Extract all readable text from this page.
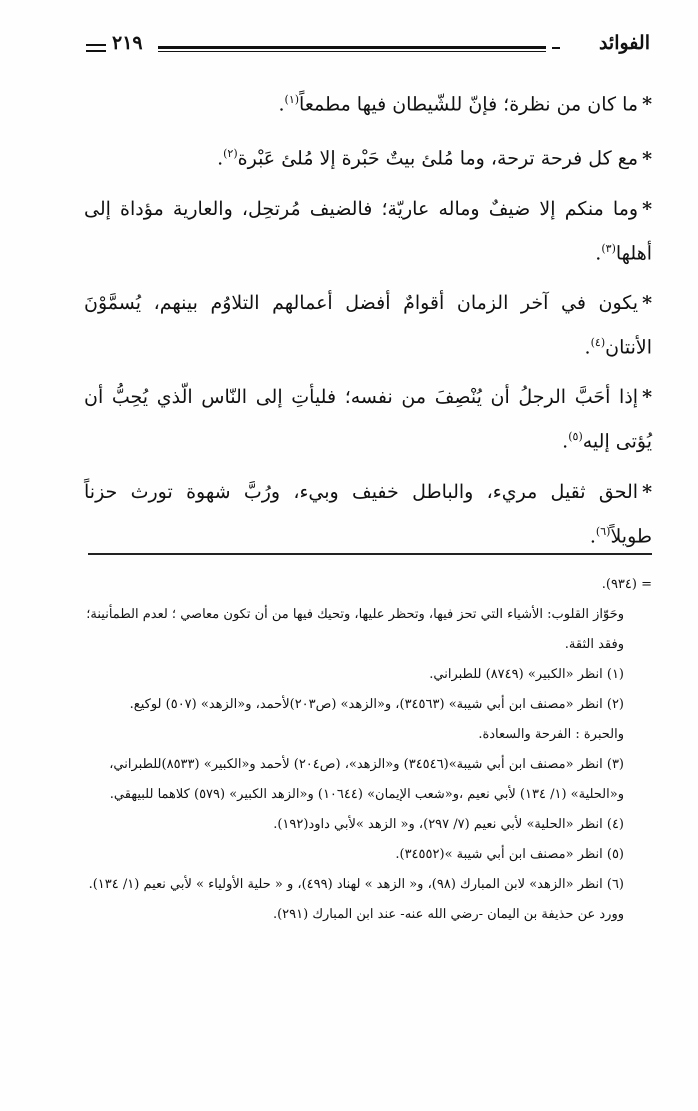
الفوائد
٢١٩

*ما كان من نظرة؛ فإنّ للشّيطان فيها مطمعاً$^{(١)}$.

*مع كل فرحة ترحة، وما مُلئ بيتٌ حَبْرة إلا مُلئ عَبْرة$^{(٢)}$.

*وما منكم إلا ضيفٌ وماله عاريّة؛ فالضيف مُرتحِل، والعارية مؤداة إلى أهلها$^{(٣)}$.

*يكون في آخر الزمان أقوامٌ أفضل أعمالهم التلاوُم بينهم، يُسمَّوْنَ الأنتان$^{(٤)}$.

*إذا أحَبَّ الرجلُ أن يُنْصِفَ من نفسه؛ فليأتِ إلى النّاس الّذي يُحِبُّ أن يُؤتى إليه$^{(٥)}$.

*الحق ثقيل مريء، والباطل خفيف وبيء، ورُبَّ شهوة تورث حزناً طويلاً$^{(٦)}$.

= (٩٣٤).

وحَوّاز القلوب: الأشياء التي تحز فيها، وتحظر عليها، وتحيك فيها من أن تكون معاصي ؛ لعدم الطمأنينة؛ وفقد الثقة.

(١) انظر «الكبير» (٨٧٤٩) للطبراني.

(٢) انظر «مصنف ابن أبي شيبة» (٣٤٥٦٣)، و«الزهد» (ص٢٠٣)لأحمد، و«الزهد» (٥٠٧) لوكيع.

والحبرة : الفرحة والسعادة.

(٣) انظر «مصنف ابن أبي شيبة»(٣٤٥٤٦) و«الزهد»، (ص٢٠٤) لأحمد و«الكبير» (٨٥٣٣)للطبراني، و«الحلية» (١/ ١٣٤) لأبي نعيم ،و«شعب الإيمان» (١٠٦٤٤) و«الزهد الكبير» (٥٧٩) كلاهما للبيهقي.

(٤) انظر «الحلية» لأبي نعيم (٧/ ٢٩٧)، و« الزهد »لأبي داود(١٩٢).

(٥) انظر «مصنف ابن أبي شيبة »(٣٤٥٥٢).

(٦) انظر «الزهد» لابن المبارك (٩٨)، و« الزهد » لهناد (٤٩٩)، و « حلية الأولياء » لأبي نعيم (١/ ١٣٤).

وورد عن حذيفة بن اليمان -رضي الله عنه- عند ابن المبارك (٢٩١).
